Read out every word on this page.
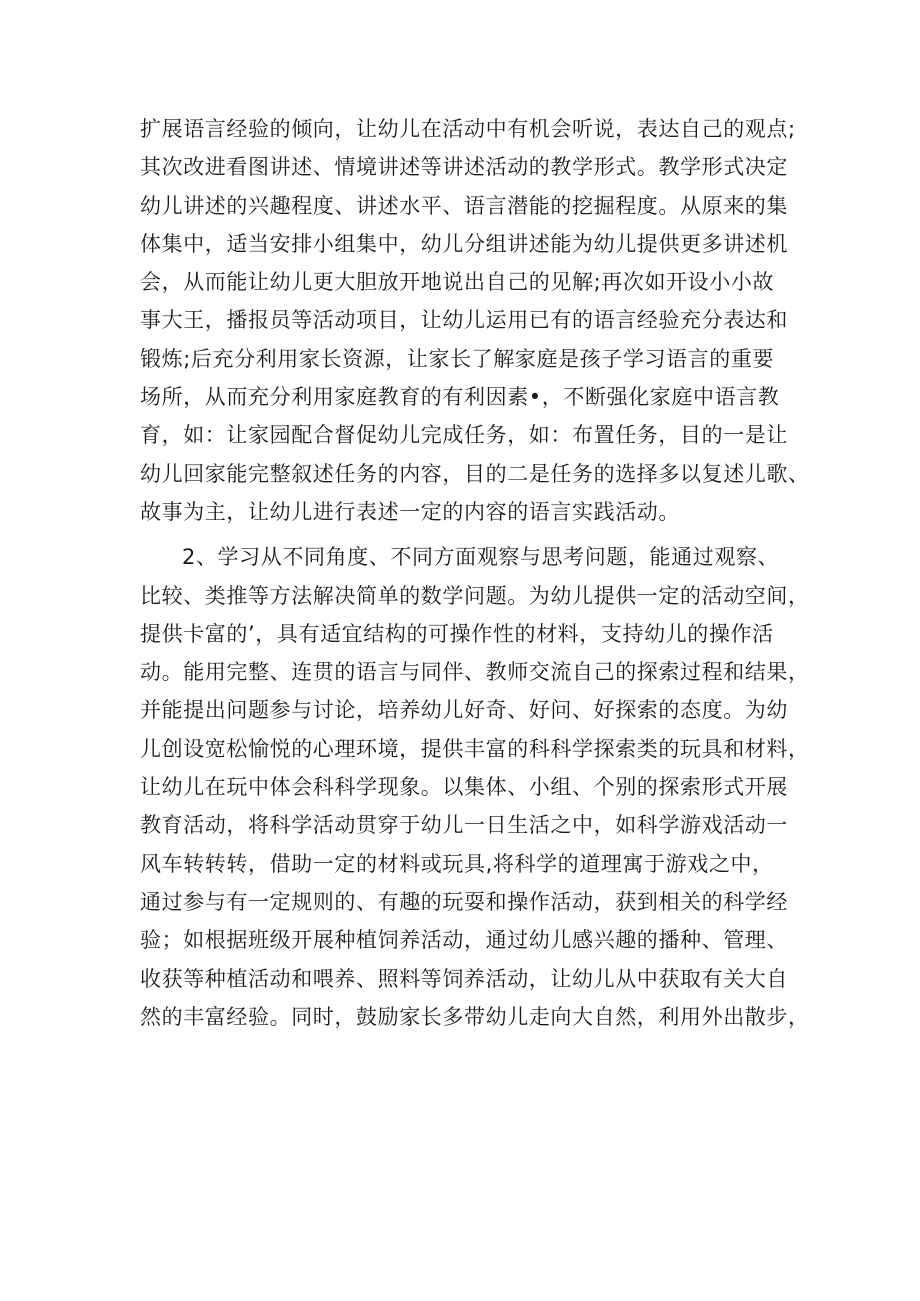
扩展语言经验的倾向，让幼儿在活动中有机会听说，表达自己的观点;
其次改进看图讲述、情境讲述等讲述活动的教学形式。教学形式决定
幼儿讲述的兴趣程度、讲述水平、语言潜能的挖掘程度。从原来的集
体集中，适当安排小组集中，幼儿分组讲述能为幼儿提供更多讲述机
会，从而能让幼儿更大胆放开地说出自己的见解;再次如开设小小故
事大王，播报员等活动项目，让幼儿运用已有的语言经验充分表达和
锻炼;后充分利用家长资源，让家长了解家庭是孩子学习语言的重要
场所，从而充分利用家庭教育的有利因素•，不断强化家庭中语言教
育，如：让家园配合督促幼儿完成任务，如：布置任务，目的一是让
幼儿回家能完整叙述任务的内容，目的二是任务的选择多以复述儿歌、
故事为主，让幼儿进行表述一定的内容的语言实践活动。
2、学习从不同角度、不同方面观察与思考问题，能通过观察、
比较、类推等方法解决简单的数学问题。为幼儿提供一定的活动空间，
提供卡富的’，具有适宜结构的可操作性的材料，支持幼儿的操作活
动。能用完整、连贯的语言与同伴、教师交流自己的探索过程和结果，
并能提出问题参与讨论，培养幼儿好奇、好问、好探索的态度。为幼
儿创设宽松愉悦的心理环境，提供丰富的科科学探索类的玩具和材料，
让幼儿在玩中体会科科学现象。以集体、小组、个别的探索形式开展
教育活动，将科学活动贯穿于幼儿一日生活之中，如科学游戏活动一
风车转转转，借助一定的材料或玩具,将科学的道理寓于游戏之中，
通过参与有一定规则的、有趣的玩耍和操作活动，获到相关的科学经
验；如根据班级开展种植饲养活动，通过幼儿感兴趣的播种、管理、
收获等种植活动和喂养、照料等饲养活动，让幼儿从中获取有关大自
然的丰富经验。同时，鼓励家长多带幼儿走向大自然，利用外出散步，
